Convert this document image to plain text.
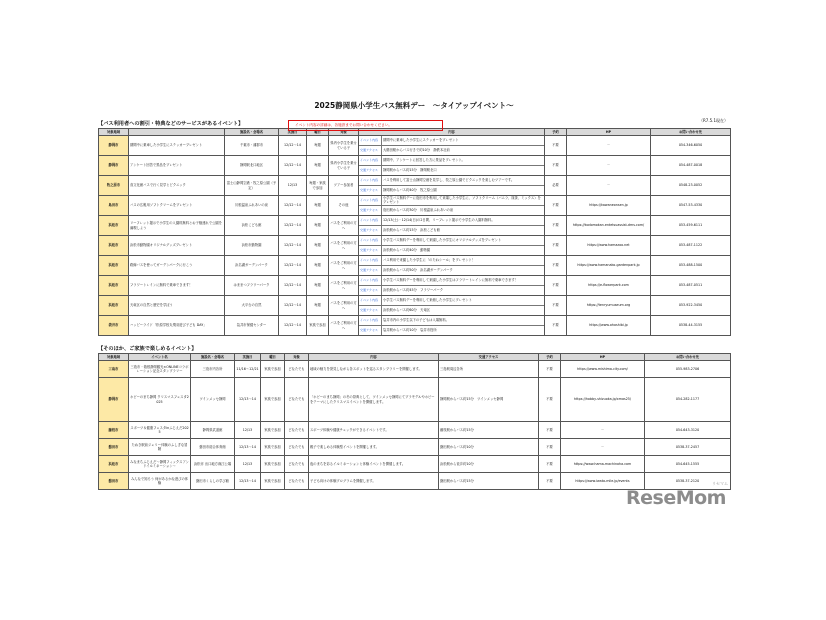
2025静岡県小学生バス無料デー　～タイアップイベント～
（R7.5.1現在）
【バス利用者への割引・特典などのサービスがあるイベント】	イベント内容の詳細は、各施設までお問い合わせください。
対象地域		施設名・会場名	実施日	曜日	対象	内容	予約	HP	お問い合わせ先
静岡市	期間中に乗車した小学生にステッカープレゼント	千葉市・蒲郡市	12/12～14	毎週	県内小学生を乗せている子	イベント内容 期間中に乗車した小学生にステッカーをプレゼント
交通アクセス 大鶴田駅からバス行きで約10分　静鉄本社前	不要	－	054-346-6050
静岡市	アンケート回答で景品をプレゼント	静岡駅北口地区	12/12～14	毎週	県内小学生を乗せている子	イベント内容 期間中、アンケートに回答した方に景品をプレゼント。
交通アクセス 静岡駅からバス約15分　静岡駅北口	不要	－	054-487-0018
牧之原市	食文化館バスで行く見学とピクニック	富士山静岡空港・牧之原公園（予定）	12/13	毎週・家族で参加	ツアー参加者	イベント内容 バスを利用して富士山静岡空港を見学し、牧之原公園でピクニックを楽しむツアーです。
交通アクセス 静岡駅からバス約40分　牧之原公園	必要	－	0548-23-0052
島田市	バスの広報用ソフトクリームをプレゼント	川根温泉ふれあいの泉	12/12～14	毎週	その他	イベント内容
小学生バス無料デーに島田市を利用して来場した小学生に、ソフトクリーム（バニラ、抹茶、ミックス）をプレゼント
交通アクセス 島田駅からバス約30分　川根温泉ふれあいの泉	不要	https://kawaneonsen.jp	0547-53-4330
浜松市	リーフレット掲示で小学生の入園料無料とお子様連れで公園を満喫しよう	浜松こども館	12/12～14	毎週	バスをご利用の方へ	イベント内容 12/13(土)・12/14(日)の2日間、リーフレット掲示で小学生の入園料無料。
交通アクセス 浜松駅からバス約15分　浜松こども館	不要	https://kodomokan.entetsuassist-dms.com/	053-459-6111
浜松市	浜松市動物園オリジナルグッズプレゼント	浜松市動物園	12/12～14	毎週	バスをご利用の方へ	イベント内容 小学生バス無料デーを利用して来園した小学生にオリジナルグッズをプレゼント
交通アクセス 浜松駅からバス約40分　動物園	不要	https://www.hamazoo.net	053-487-1122
浜松市	路線バスを使ってガーデンパークに行こう	浜名湖ガーデンパーク	12/12～14	毎週	バスをご利用の方へ	イベント内容 バス利用で来園した小学生に「のたねシール」をプレゼント！
交通アクセス 浜松駅からバス約50分　浜名湖ガーデンパーク	不要	https://www.hamanako-gardenpark.jp	053-488-1500
浜松市	フラワートレインに無料で乗車できます！	はままつフラワーパーク	12/12～14	毎週	バスをご利用の方へ	イベント内容 小学生バス無料デーを利用して来園した小学生はフラワートレインに無料で乗車できます！
交通アクセス 浜松駅からバス約45分　フラワーパーク	不要	https://e-flowerpark.com	053-487-0511
浜松市	天竜区の自然と歴史を学ぼう	大平台の自然	12/12～14	毎週	バスをご利用の方へ	イベント内容 小学生バス無料デーを利用して来館した小学生にプレゼント
交通アクセス 浜松駅からバス約60分　天竜区	不要	https://tenryumuseum.org	053-922-3450
袋井市	ハッピーライド「松原学校丸飛羽遊び子ども DAY」	袋井市保健センター	12/12～14	家族で参加	バスをご利用の方へ	イベント内容 袋井市内の小学生以下の子どもは入場無料。
交通アクセス 袋井駅からバス約10分　袋井市役所	不要	https://www.ohoshibi.jp	0538-44-3155
【そのほか、ご家族で楽しめるイベント】
対象地域	イベント名	施設名・会場名	実施日	曜日	対象	内容	交通アクセス	予約	HP	お問い合わせ先
三島市	三島市・箱根静岡観光×ONLINEコラボレーション記念スタンプラリー	三島市内各所	11/16～12/21	家族で参加	どなたでも	地域の魅力を発見しながら各スポットを巡るスタンプラリーを開催します。	三島駅周辺各所	不要	https://www.mishima-city.com/	055-983-2706
静岡市	ホビーのまち静岡 クリスマスフェスタ2025	ツインメッセ静岡	12/13～14	家族で参加	どなたでも	「ホビーのまち静岡」の冬の祭典として、ツインメッセ静岡にてプラモデルやホビーをテーマにしたクリスマスイベントを開催します。	静岡駅からバス約15分　ツインメッセ静岡	不要	https://hobby-shizuoka.jp/xmas25/	054-282-1177
藤枝市	スポーツ＆健康フェスタinふじえだ2025	静岡県武道館	12/13	家族で参加	どなたでも	スポーツ体験や健康チェックができるイベントです。	藤枝駅からバス約15分	不要	－	054-643-3120
磐田市	たぬき駅前ジェリー体験のふしぎな冒険	磐田市総合体育館	12/13～14	家族で参加	どなたでも	親子で楽しめる体験型イベントを開催します。	磐田駅からバス約10分	不要	－	0538-37-2457
浜松市	みなまちふじえだ～静岡フィックスアンドイルミネーション～	浜松市 出口地方裁江公場	12/13	家族で参加	どなたでも	夜のまちを彩るイルミネーションと体験イベントを開催します。	浜松駅から徒歩約10分	不要	https://www.hama-machinoha.com	054-645-1555
磐田市	みんなで知ろう 何があるかな遊びの体験	磐田市くらしの学び館	12/13～14	家族で参加	どなたでも	子ども向けの体験プログラムを開催します。	磐田駅からバス約15分	不要	https://www.iwata-mile.jp/events	0538-37-2120
ReseMom
リセマム
